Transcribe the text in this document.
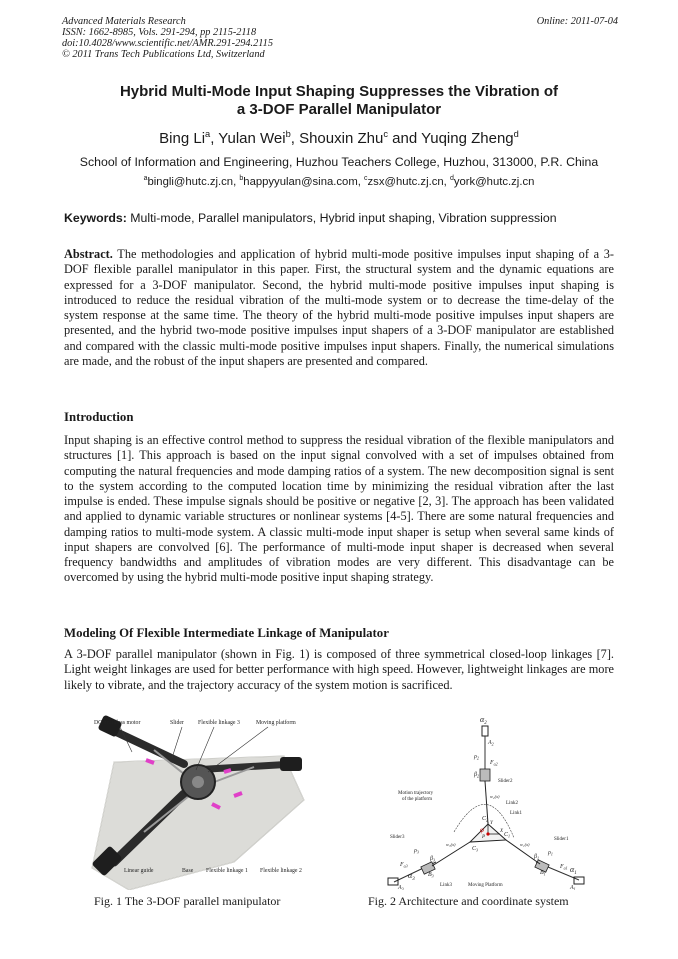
Advanced Materials Research
ISSN: 1662-8985, Vols. 291-294, pp 2115-2118
doi:10.4028/www.scientific.net/AMR.291-294.2115
© 2011 Trans Tech Publications Ltd, Switzerland
Online: 2011-07-04
Hybrid Multi-Mode Input Shaping Suppresses the Vibration of
a 3-DOF Parallel Manipulator
Bing Li$^a$, Yulan Wei$^b$, Shouxin Zhu$^c$ and Yuqing Zheng$^d$
School of Information and Engineering, Huzhou Teachers College, Huzhou, 313000, P.R. China
$^a$bingli@hutc.zj.cn, $^b$happyyulan@sina.com, $^c$zsx@hutc.zj.cn, $^d$york@hutc.zj.cn
Keywords: Multi-mode, Parallel manipulators, Hybrid input shaping, Vibration suppression

Abstract. The methodologies and application of hybrid multi-mode positive impulses input shaping of a 3-DOF flexible parallel manipulator in this paper. First, the structural system and the dynamic equations are expressed for a 3-DOF manipulator. Second, the hybrid multi-mode positive impulses input shaping is introduced to reduce the residual vibration of the multi-mode system or to decrease the time-delay of the system response at the same time. The theory of the hybrid multi-mode positive impulses input shapers are presented, and the hybrid two-mode positive impulses input shapers of a 3-DOF manipulator are established and compared with the classic multi-mode positive impulses input shapers. Finally, the numerical simulations are made, and the robust of the input shapers are presented and compared.

Introduction

Input shaping is an effective control method to suppress the residual vibration of the flexible manipulators and structures [1]. This approach is based on the input signal convolved with a set of impulses obtained from computing the natural frequencies and mode damping ratios of a system. The new decomposition signal is sent to the system according to the computed location time by minimizing the residual vibration after the last impulse is ended. These impulse signals should be positive or negative [2, 3]. The approach has been validated and applied to dynamic variable structures or nonlinear systems [4-5]. There are some natural frequencies and damping ratios to multi-mode system. A classic multi-mode input shaper is setup when several same kinds of input shapers are convolved [6]. The performance of multi-mode input shaper is decreased when several frequency bandwidths and amplitudes of vibration modes are very different. This disadvantage can be overcomed by using the hybrid multi-mode positive input shaping strategy.

Modeling Of Flexible Intermediate Linkage of Manipulator

A 3-DOF parallel manipulator (shown in Fig. 1) is composed of three symmetrical closed-loop linkages [7]. Light weight linkages are used for better performance with high speed. However, lightweight linkages are more likely to vibrate, and the trajectory accuracy of the system motion is sacrificed.

DC brushless motor	Slider Flexible linkage 3	Moving platform
Linear guide	Base Flexible linkage 1 Flexible linkage 2
Fig. 1 The 3-DOF parallel manipulator
$\alpha_2$
$A_2$
$\rho_2$
$\beta_2$
$F_{a2}$
Slider2
Motion trajectory
of the platform
Link2
Link1
$C_2$
$C_1$
$C_3$
Y
X
P
φ
Slider3	Slider1
$\rho_3$	$\rho_1$
$\beta_3$	$\beta_1$
$F_{a3}$	$F_{a1}$
$\alpha_3$
$\alpha_1$
$A_3$	$A_1$
$B_3$	$B_1$
Link3	Moving Platform
w₃(x)	w₁(x)
w₂(x)
Fig. 2 Architecture and coordinate system
